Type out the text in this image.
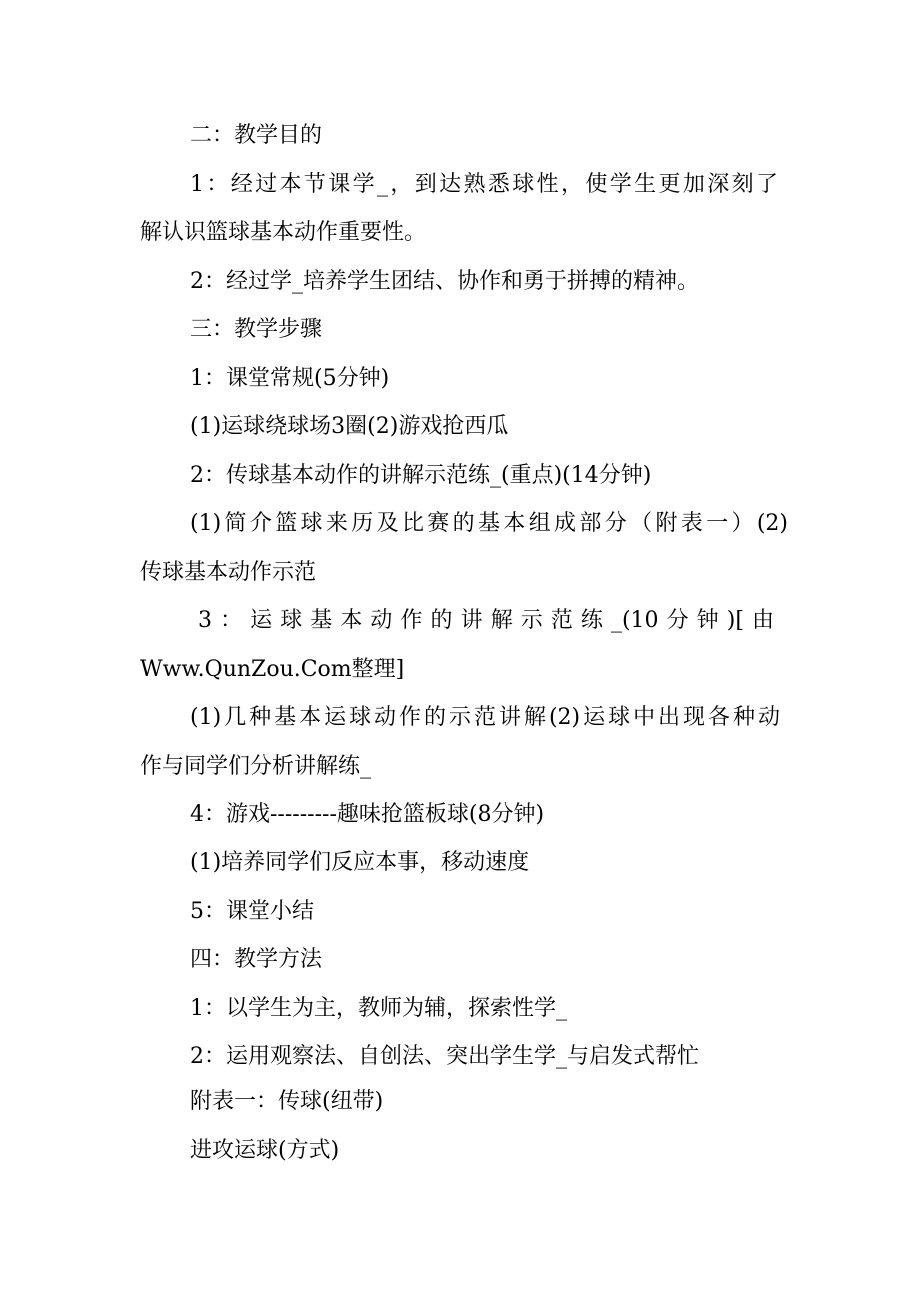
二：教学目的
1：经过本节课学_，到达熟悉球性，使学生更加深刻了
解认识篮球基本动作重要性。
2：经过学_培养学生团结、协作和勇于拼搏的精神。
三：教学步骤
1：课堂常规(5分钟)
(1)运球绕球场3圈(2)游戏抢西瓜
2：传球基本动作的讲解示范练_(重点)(14分钟)
(1)简介篮球来历及比赛的基本组成部分（附表一）(2)
传球基本动作示范
3：运球基本动作的讲解示范练_(10分钟)[由
Www.QunZou.Com整理]
(1)几种基本运球动作的示范讲解(2)运球中出现各种动
作与同学们分析讲解练_
4：游戏---------趣味抢篮板球(8分钟)
(1)培养同学们反应本事，移动速度
5：课堂小结
四：教学方法
1：以学生为主，教师为辅，探索性学_
2：运用观察法、自创法、突出学生学_与启发式帮忙
附表一：传球(纽带)
进攻运球(方式)
